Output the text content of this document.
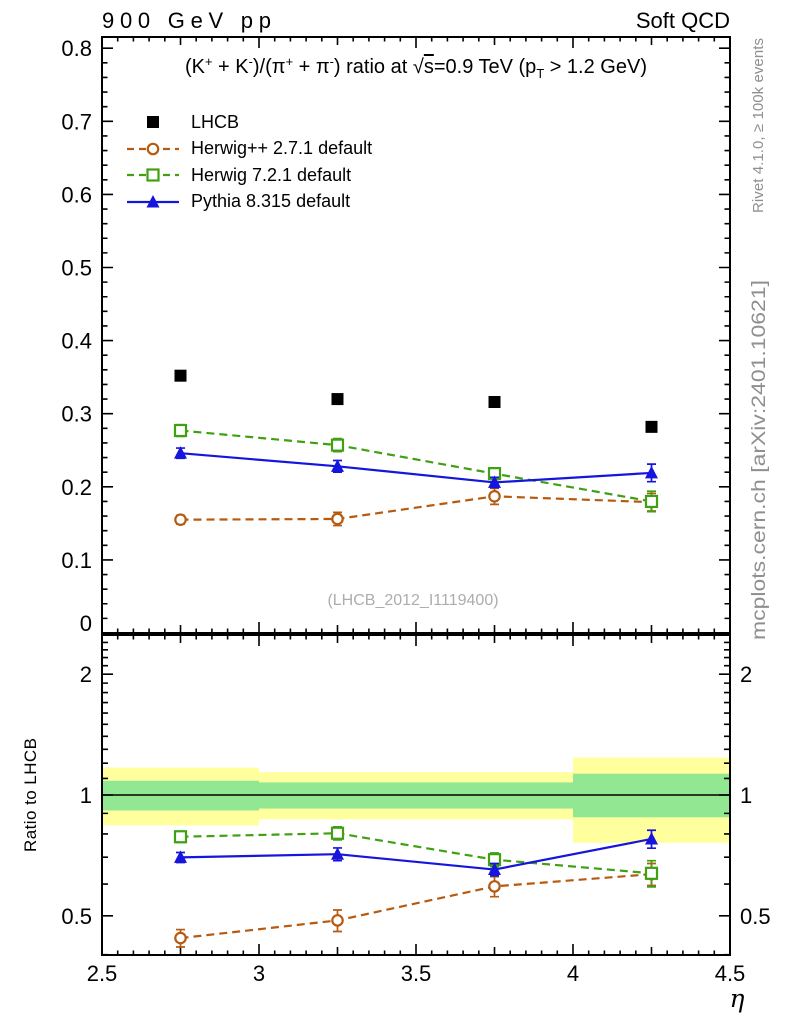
900 GeV pp	Soft QCD
(LHCB_2012_I1119400)
Rivet 4.1.0, ≥ 100k events
mcplots.cern.ch [arXiv:2401.10621]
Ratio to LHCB
η
0
0.1
0.2
0.3
0.4
0.5
0.6
0.7
0.8
2.5	3	3.5	4	4.5
2	2
1	1
0.5	0.5
(K+ + K-)/(π+ + π-) ratio at √s=0.9 TeV ($p_T > 1.2$ GeV)
LHCB
Herwig++ 2.7.1 default
Herwig 7.2.1 default
Pythia 8.315 default
